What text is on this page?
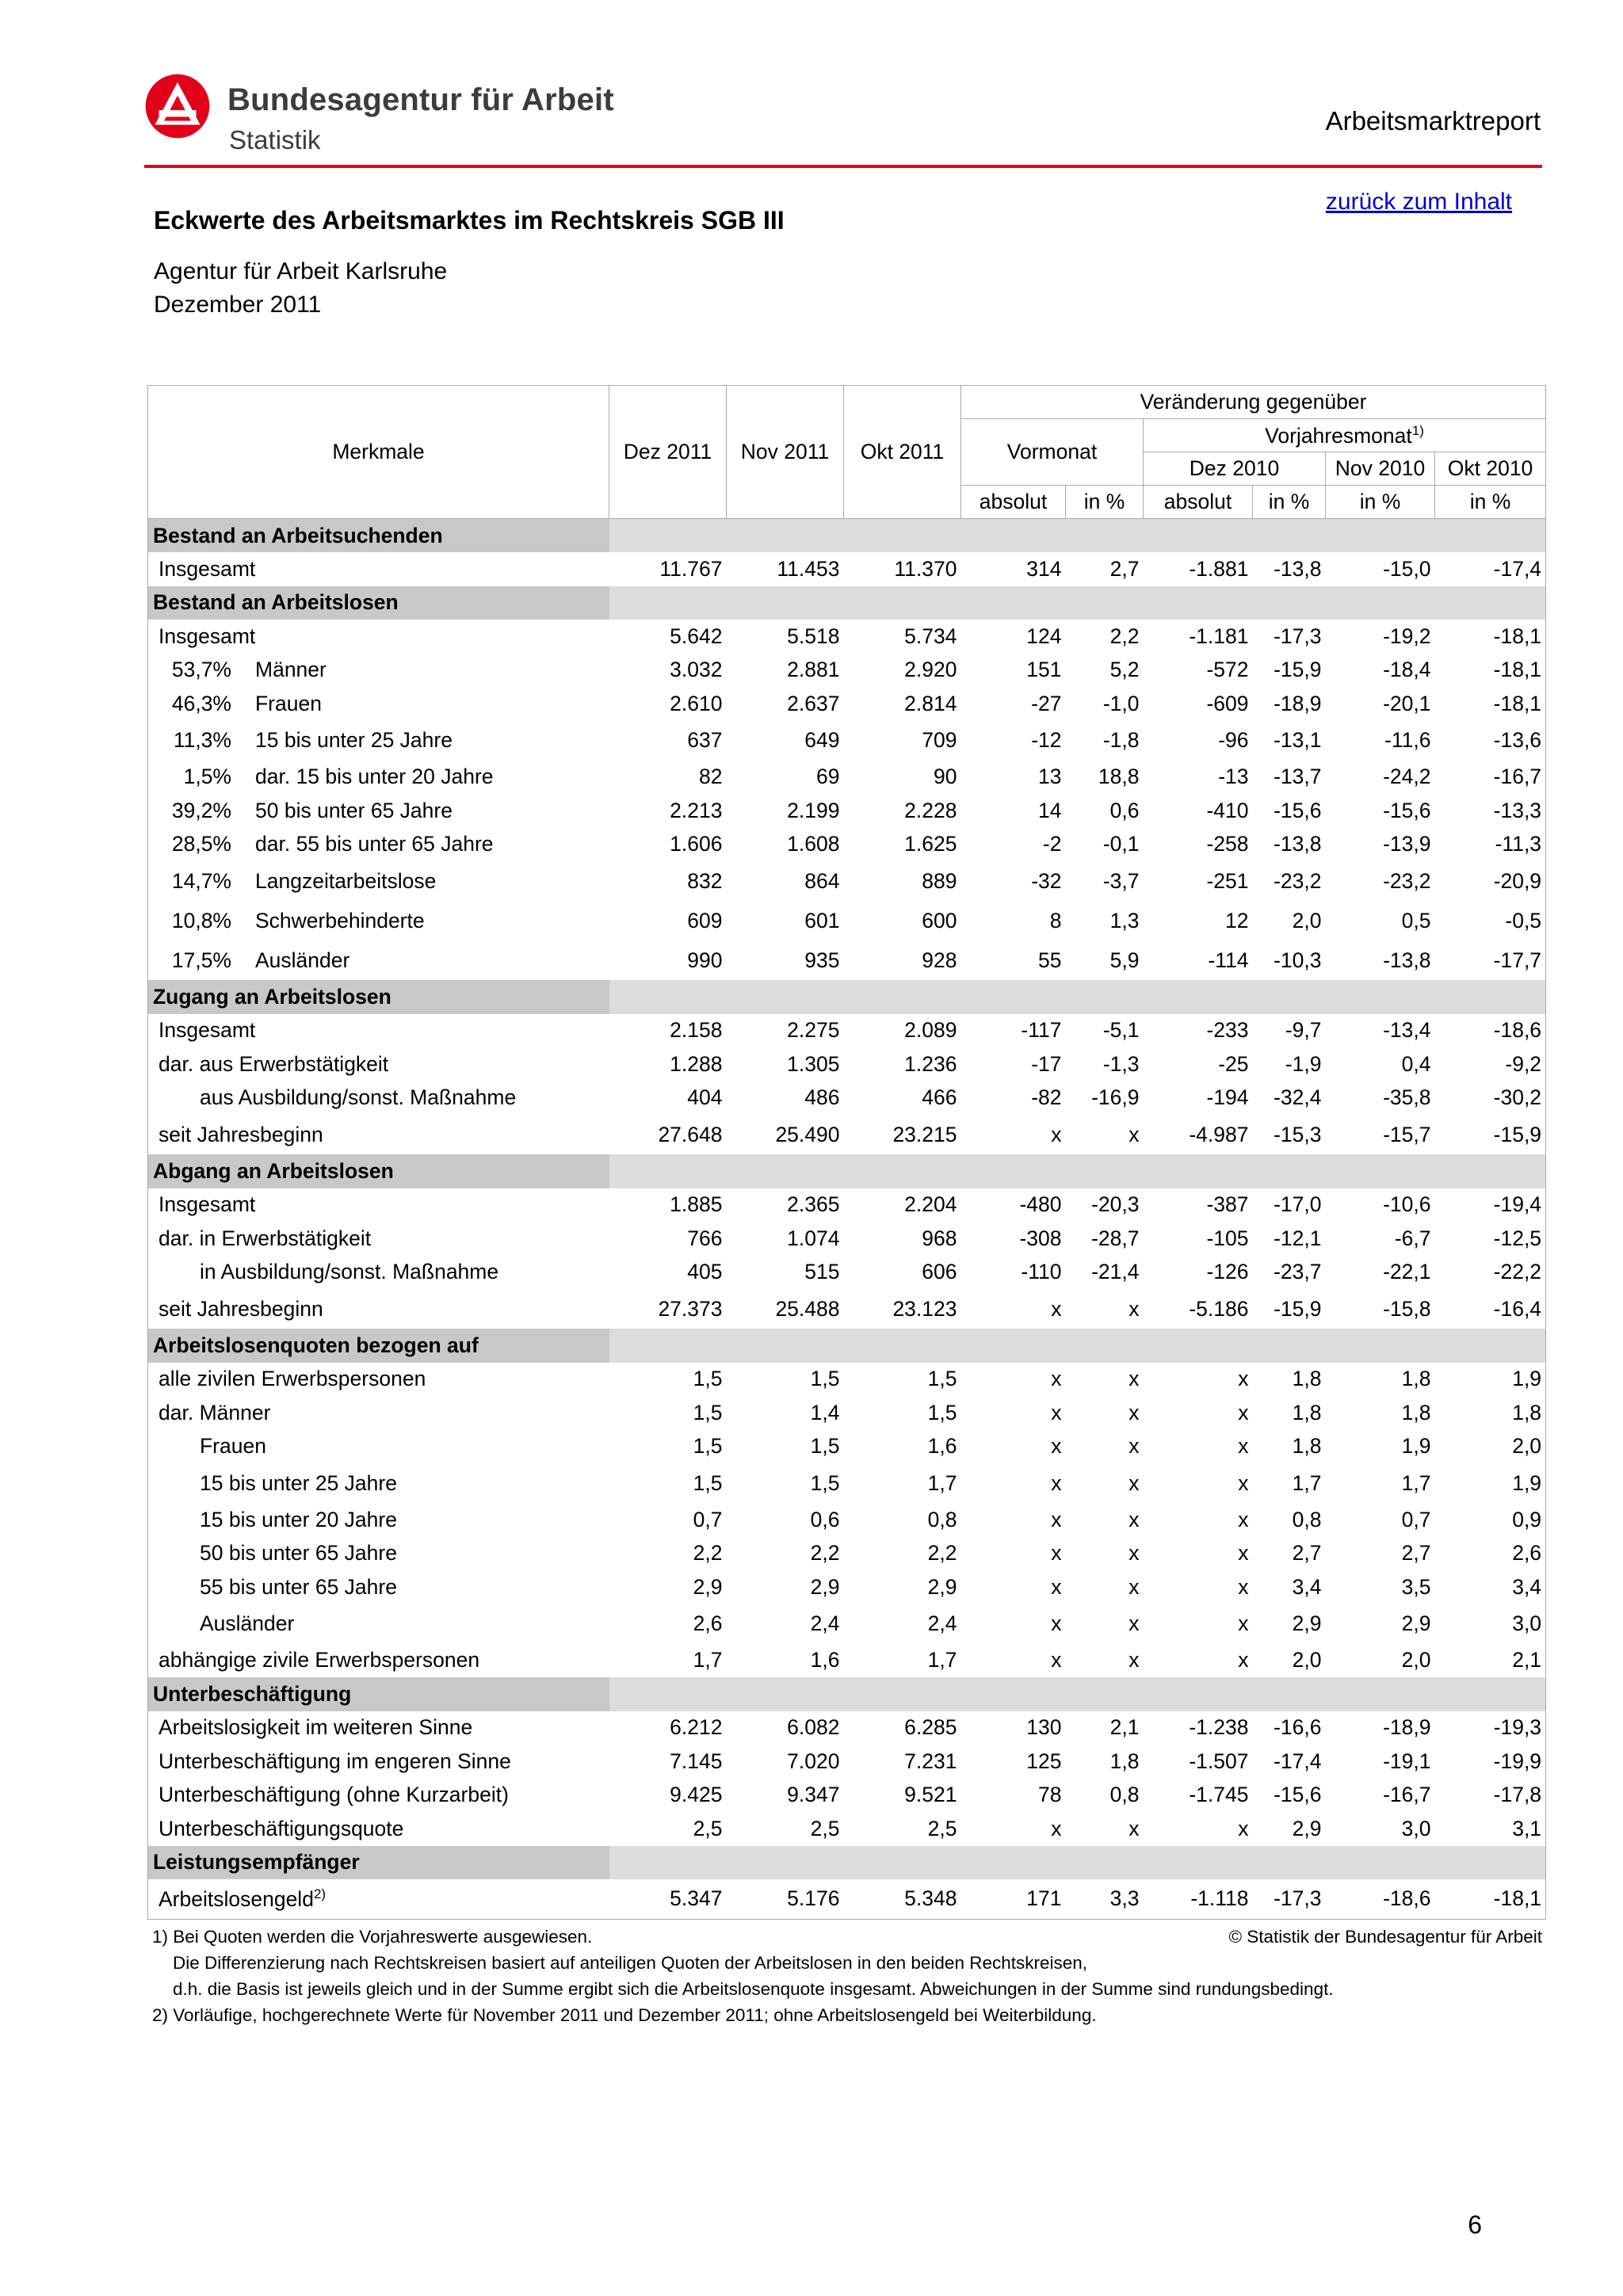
Bundesagentur für Arbeit
Statistik
Arbeitsmarktreport
zurück zum Inhalt
Eckwerte des Arbeitsmarktes im Rechtskreis SGB III
Agentur für Arbeit Karlsruhe
Dezember 2011
Merkmale	Dez 2011	Nov 2011	Okt 2011	Veränderung gegenüber					
				Vormonat		Vorjahresmonat$^{1)}$
						Dez 2010		Nov 2010	Okt 2010
				absolut	in %	absolut	in %	in %	in %
Bestand an Arbeitsuchenden									
Insgesamt	11.767	11.453	11.370	314	2,7	-1.881	-13,8	-15,0	-17,4
Bestand an Arbeitslosen									
Insgesamt	5.642	5.518	5.734	124	2,2	-1.181	-17,3	-19,2	-18,1
53,7% Männer	3.032	2.881	2.920	151	5,2	-572	-15,9	-18,4	-18,1
46,3% Frauen	2.610	2.637	2.814	-27	-1,0	-609	-18,9	-20,1	-18,1
11,3% 15 bis unter 25 Jahre	637	649	709	-12	-1,8	-96	-13,1	-11,6	-13,6
1,5% dar. 15 bis unter 20 Jahre	82	69	90	13	18,8	-13	-13,7	-24,2	-16,7
39,2% 50 bis unter 65 Jahre	2.213	2.199	2.228	14	0,6	-410	-15,6	-15,6	-13,3
28,5% dar. 55 bis unter 65 Jahre	1.606	1.608	1.625	-2	-0,1	-258	-13,8	-13,9	-11,3
14,7% Langzeitarbeitslose	832	864	889	-32	-3,7	-251	-23,2	-23,2	-20,9
10,8% Schwerbehinderte	609	601	600	8	1,3	12	2,0	0,5	-0,5
17,5% Ausländer	990	935	928	55	5,9	-114	-10,3	-13,8	-17,7
Zugang an Arbeitslosen									
Insgesamt	2.158	2.275	2.089	-117	-5,1	-233	-9,7	-13,4	-18,6
dar. aus Erwerbstätigkeit	1.288	1.305	1.236	-17	-1,3	-25	-1,9	0,4	-9,2
aus Ausbildung/sonst. Maßnahme	404	486	466	-82	-16,9	-194	-32,4	-35,8	-30,2
seit Jahresbeginn	27.648	25.490	23.215	x	x	-4.987	-15,3	-15,7	-15,9
Abgang an Arbeitslosen									
Insgesamt	1.885	2.365	2.204	-480	-20,3	-387	-17,0	-10,6	-19,4
dar. in Erwerbstätigkeit	766	1.074	968	-308	-28,7	-105	-12,1	-6,7	-12,5
in Ausbildung/sonst. Maßnahme	405	515	606	-110	-21,4	-126	-23,7	-22,1	-22,2
seit Jahresbeginn	27.373	25.488	23.123	x	x	-5.186	-15,9	-15,8	-16,4
Arbeitslosenquoten bezogen auf									
alle zivilen Erwerbspersonen	1,5	1,5	1,5	x	x	x	1,8	1,8	1,9
dar. Männer	1,5	1,4	1,5	x	x	x	1,8	1,8	1,8
Frauen	1,5	1,5	1,6	x	x	x	1,8	1,9	2,0
15 bis unter 25 Jahre	1,5	1,5	1,7	x	x	x	1,7	1,7	1,9
15 bis unter 20 Jahre	0,7	0,6	0,8	x	x	x	0,8	0,7	0,9
50 bis unter 65 Jahre	2,2	2,2	2,2	x	x	x	2,7	2,7	2,6
55 bis unter 65 Jahre	2,9	2,9	2,9	x	x	x	3,4	3,5	3,4
Ausländer	2,6	2,4	2,4	x	x	x	2,9	2,9	3,0
abhängige zivile Erwerbspersonen	1,7	1,6	1,7	x	x	x	2,0	2,0	2,1
Unterbeschäftigung									
Arbeitslosigkeit im weiteren Sinne	6.212	6.082	6.285	130	2,1	-1.238	-16,6	-18,9	-19,3
Unterbeschäftigung im engeren Sinne	7.145	7.020	7.231	125	1,8	-1.507	-17,4	-19,1	-19,9
Unterbeschäftigung (ohne Kurzarbeit)	9.425	9.347	9.521	78	0,8	-1.745	-15,6	-16,7	-17,8
Unterbeschäftigungsquote	2,5	2,5	2,5	x	x	x	2,9	3,0	3,1
Leistungsempfänger									
Arbeitslosengeld$^{2)}$	5.347	5.176	5.348	171	3,3	-1.118	-17,3	-18,6	-18,1
1) Bei Quoten werden die Vorjahreswerte ausgewiesen.	© Statistik der Bundesagentur für Arbeit
Die Differenzierung nach Rechtskreisen basiert auf anteiligen Quoten der Arbeitslosen in den beiden Rechtskreisen,
d.h. die Basis ist jeweils gleich und in der Summe ergibt sich die Arbeitslosenquote insgesamt. Abweichungen in der Summe sind rundungsbedingt.
2) Vorläufige, hochgerechnete Werte für November 2011 und Dezember 2011; ohne Arbeitslosengeld bei Weiterbildung.
6
